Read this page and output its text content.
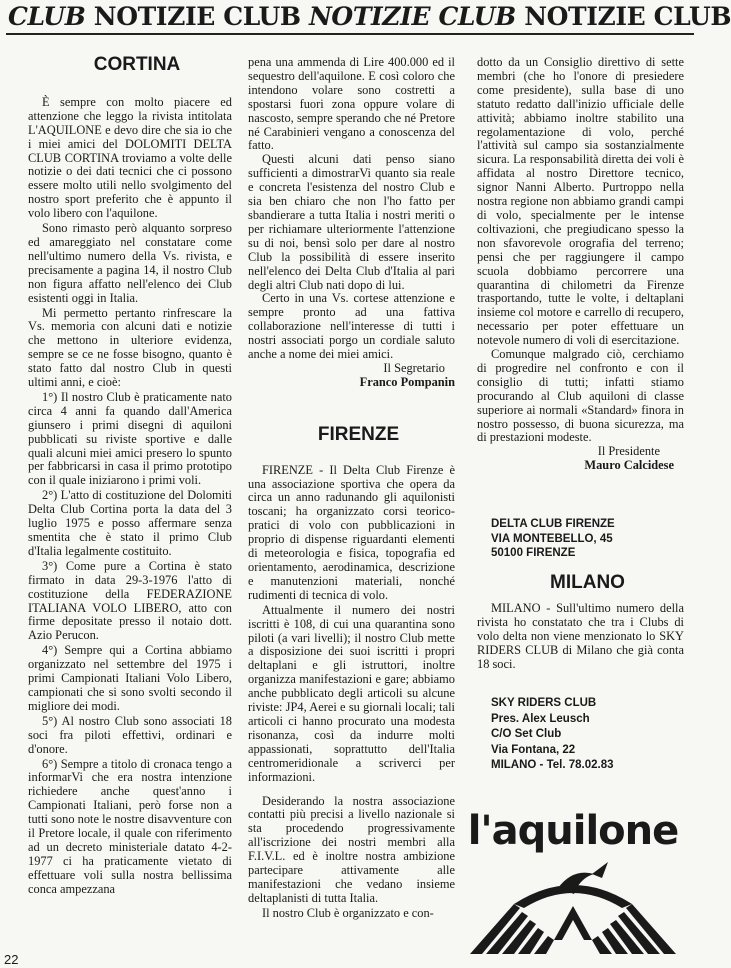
CLUB NOTIZIE CLUB NOTIZIE CLUB NOTIZIE CLUB

CORTINA

È sempre con molto piacere ed attenzione che leggo la rivista intitolata L'AQUILONE e devo dire che sia io che i miei amici del DOLOMITI DELTA CLUB CORTINA troviamo a volte delle notizie o dei dati tecnici che ci possono essere molto utili nello svolgimento del nostro sport preferito che è appunto il volo libero con l'aquilone.

Sono rimasto però alquanto sorpreso ed amareggiato nel constatare come nell'ultimo numero della Vs. rivista, e precisamente a pagina 14, il nostro Club non figura affatto nell'elenco dei Club esistenti oggi in Italia.

Mi permetto pertanto rinfrescare la Vs. memoria con alcuni dati e notizie che mettono in ulteriore evidenza, sempre se ce ne fosse bisogno, quanto è stato fatto dal nostro Club in questi ultimi anni, e cioè:

1°) Il nostro Club è praticamente nato circa 4 anni fa quando dall'America giunsero i primi disegni di aquiloni pubblicati su riviste sportive e dalle quali alcuni miei amici presero lo spunto per fabbricarsi in casa il primo prototipo con il quale iniziarono i primi voli.

2°) L'atto di costituzione del Dolomiti Delta Club Cortina porta la data del 3 luglio 1975 e posso affermare senza smentita che è stato il primo Club d'Italia legalmente costituito.

3°) Come pure a Cortina è stato firmato in data 29-3-1976 l'atto di costituzione della FEDERAZIONE ITALIANA VOLO LIBERO, atto con firme depositate presso il notaio dott. Azio Perucon.

4°) Sempre qui a Cortina abbiamo organizzato nel settembre del 1975 i primi Campionati Italiani Volo Libero, campionati che si sono svolti secondo il migliore dei modi.

5°) Al nostro Club sono associati 18 soci fra piloti effettivi, ordinari e d'onore.

6°) Sempre a titolo di cronaca tengo a informarVi che era nostra intenzione richiedere anche quest'anno i Campionati Italiani, però forse non a tutti sono note le nostre disavventure con il Pretore locale, il quale con riferimento ad un decreto ministeriale datato 4-2-1977 ci ha praticamente vietato di effettuare voli sulla nostra bellissima conca ampezzana

pena una ammenda di Lire 400.000 ed il sequestro dell'aquilone. E così coloro che intendono volare sono costretti a spostarsi fuori zona oppure volare di nascosto, sempre sperando che né Pretore né Carabinieri vengano a conoscenza del fatto.

Questi alcuni dati penso siano sufficienti a dimostrarVi quanto sia reale e concreta l'esistenza del nostro Club e sia ben chiaro che non l'ho fatto per sbandierare a tutta Italia i nostri meriti o per richiamare ulteriormente l'attenzione su di noi, bensì solo per dare al nostro Club la possibilità di essere inserito nell'elenco dei Delta Club d'Italia al pari degli altri Club nati dopo di lui.

Certo in una Vs. cortese attenzione e sempre pronto ad una fattiva collaborazione nell'interesse di tutti i nostri associati porgo un cordiale saluto anche a nome dei miei amici.

Il Segretario

Franco Pompanin

FIRENZE

FIRENZE - Il Delta Club Firenze è una associazione sportiva che opera da circa un anno radunando gli aquilonisti toscani; ha organizzato corsi teorico-pratici di volo con pubblicazioni in proprio di dispense riguardanti elementi di meteorologia e fisica, topografia ed orientamento, aerodinamica, descrizione e manutenzioni materiali, nonché rudimenti di tecnica di volo.

Attualmente il numero dei nostri iscritti è 108, di cui una quarantina sono piloti (a vari livelli); il nostro Club mette a disposizione dei suoi iscritti i propri deltaplani e gli istruttori, inoltre organizza manifestazioni e gare; abbiamo anche pubblicato degli articoli su alcune riviste: JP4, Aerei e su giornali locali; tali articoli ci hanno procurato una modesta risonanza, così da indurre molti appassionati, soprattutto dell'Italia centromeridionale a scriverci per informazioni.

Desiderando la nostra associazione contatti più precisi a livello nazionale si sta procedendo progressivamente all'iscrizione dei nostri membri alla F.I.V.L. ed è inoltre nostra ambizione partecipare attivamente alle manifestazioni che vedano insieme deltaplanisti di tutta Italia.

Il nostro Club è organizzato e con-

dotto da un Consiglio direttivo di sette membri (che ho l'onore di presiedere come presidente), sulla base di uno statuto redatto dall'inizio ufficiale delle attività; abbiamo inoltre stabilito una regolamentazione di volo, perché l'attività sul campo sia sostanzialmente sicura. La responsabilità diretta dei voli è affidata al nostro Direttore tecnico, signor Nanni Alberto. Purtroppo nella nostra regione non abbiamo grandi campi di volo, specialmente per le intense coltivazioni, che pregiudicano spesso la non sfavorevole orografia del terreno; pensi che per raggiungere il campo scuola dobbiamo percorrere una quarantina di chilometri da Firenze trasportando, tutte le volte, i deltaplani insieme col motore e carrello di recupero, necessario per poter effettuare un notevole numero di voli di esercitazione.

Comunque malgrado ciò, cerchiamo di progredire nel confronto e con il consiglio di tutti; infatti stiamo procurando al Club aquiloni di classe superiore ai normali «Standard» finora in nostro possesso, di buona sicurezza, ma di prestazioni modeste.

Il Presidente

Mauro Calcidese

DELTA CLUB FIRENZE

VIA MONTEBELLO, 45

50100 FIRENZE

MILANO

MILANO - Sull'ultimo numero della rivista ho constatato che tra i Clubs di volo delta non viene menzionato lo SKY RIDERS CLUB di Milano che già conta 18 soci.

SKY RIDERS CLUB

Pres. Alex Leusch

C/O Set Club

Via Fontana, 22

MILANO - Tel. 78.02.83

l'aquilone
22
